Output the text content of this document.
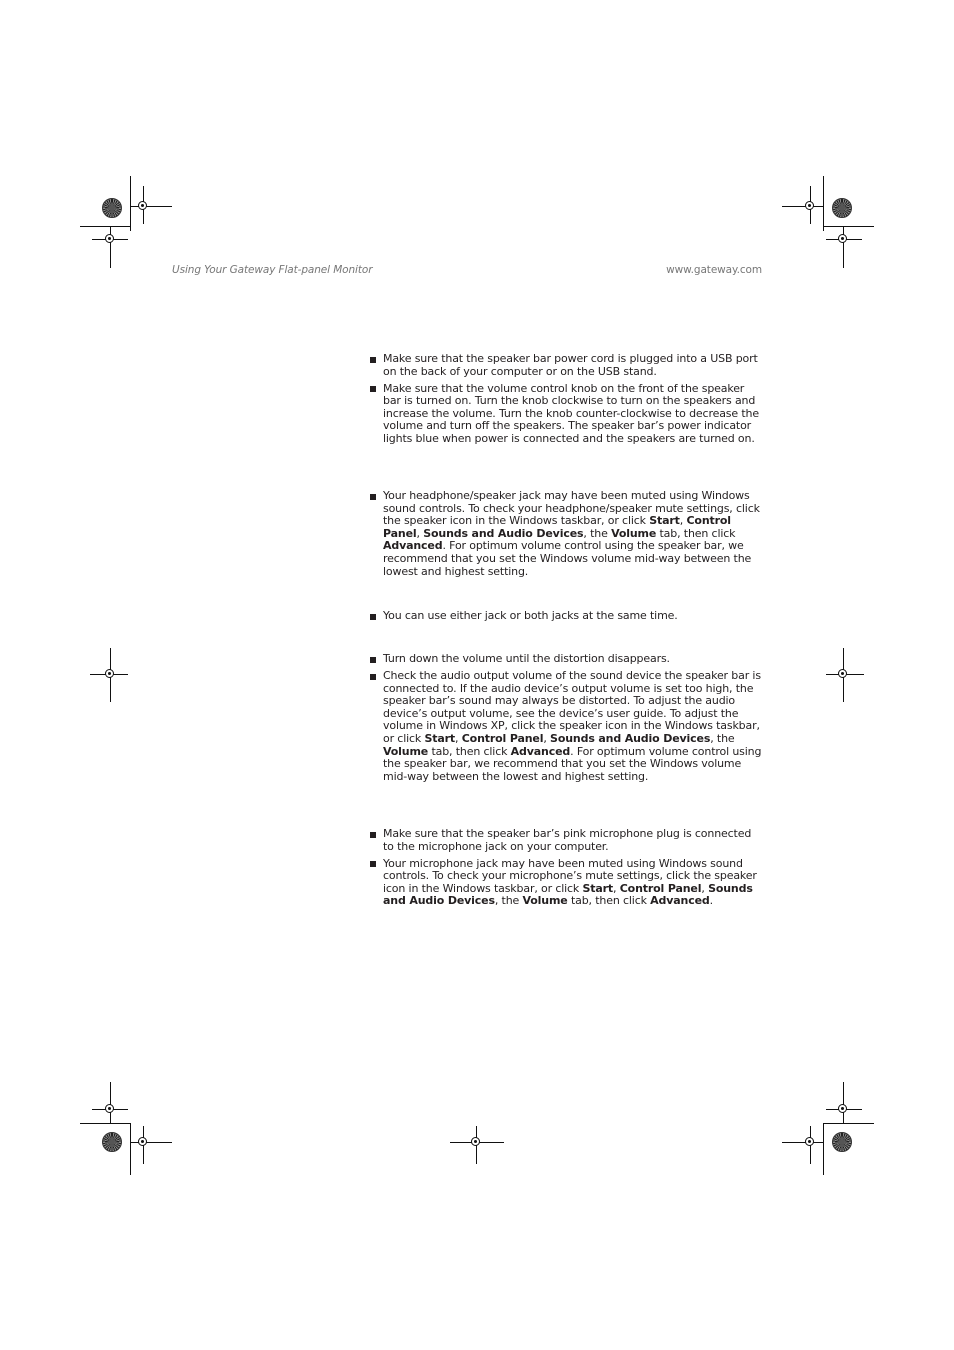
Using Your Gateway Flat-panel Monitor	www.gateway.com
Make sure that the speaker bar power cord is plugged into a USB port on the back of your computer or on the USB stand.
Make sure that the volume control knob on the front of the speaker bar is turned on. Turn the knob clockwise to turn on the speakers and increase the volume. Turn the knob counter-clockwise to decrease the volume and turn off the speakers. The speaker bar’s power indicator lights blue when power is connected and the speakers are turned on.
Your headphone/speaker jack may have been muted using Windows sound controls. To check your headphone/speaker mute settings, click the speaker icon in the Windows taskbar, or click Start, Control Panel, Sounds and Audio Devices, the Volume tab, then click Advanced. For optimum volume control using the speaker bar, we recommend that you set the Windows volume mid-way between the lowest and highest setting.
You can use either jack or both jacks at the same time.
Turn down the volume until the distortion disappears.
Check the audio output volume of the sound device the speaker bar is connected to. If the audio device’s output volume is set too high, the speaker bar’s sound may always be distorted. To adjust the audio device’s output volume, see the device’s user guide. To adjust the volume in Windows XP, click the speaker icon in the Windows taskbar, or click Start, Control Panel, Sounds and Audio Devices, the Volume tab, then click Advanced. For optimum volume control using the speaker bar, we recommend that you set the Windows volume mid-way between the lowest and highest setting.
Make sure that the speaker bar’s pink microphone plug is connected to the microphone jack on your computer.
Your microphone jack may have been muted using Windows sound controls. To check your microphone’s mute settings, click the speaker icon in the Windows taskbar, or click Start, Control Panel, Sounds and Audio Devices, the Volume tab, then click Advanced.
